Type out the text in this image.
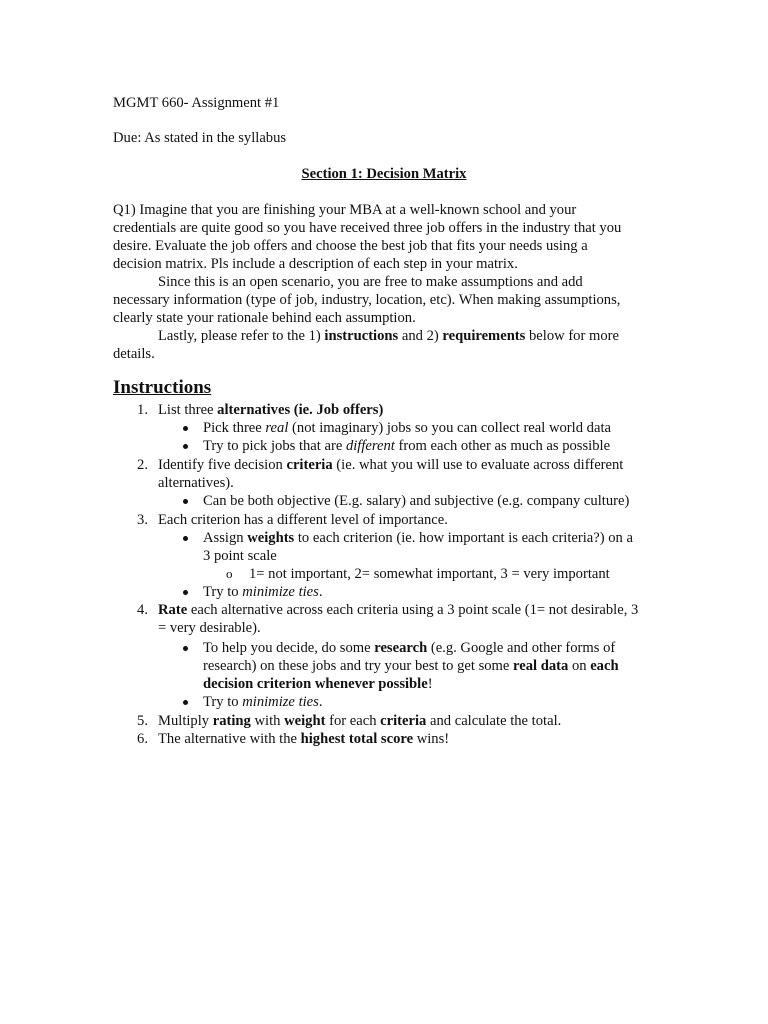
MGMT 660- Assignment #1
Due: As stated in the syllabus
Section 1: Decision Matrix
Q1) Imagine that you are finishing your MBA at a well-known school and your
credentials are quite good so you have received three job offers in the industry that you
desire. Evaluate the job offers and choose the best job that fits your needs using a
decision matrix. Pls include a description of each step in your matrix.
Since this is an open scenario, you are free to make assumptions and add
necessary information (type of job, industry, location, etc). When making assumptions,
clearly state your rationale behind each assumption.
Lastly, please refer to the 1) instructions and 2) requirements below for more
details.
Instructions
1. List three alternatives (ie. Job offers)
Pick three real (not imaginary) jobs so you can collect real world data
Try to pick jobs that are different from each other as much as possible
2. Identify five decision criteria (ie. what you will use to evaluate across different
alternatives).
Can be both objective (E.g. salary) and subjective (e.g. company culture)
3. Each criterion has a different level of importance.
Assign weights to each criterion (ie. how important is each criteria?) on a
3 point scale
o 1= not important, 2= somewhat important, 3 = very important
Try to minimize ties.
4. Rate each alternative across each criteria using a 3 point scale (1= not desirable, 3
= very desirable).
To help you decide, do some research (e.g. Google and other forms of
research) on these jobs and try your best to get some real data on each
decision criterion whenever possible!
Try to minimize ties.
5. Multiply rating with weight for each criteria and calculate the total.
6. The alternative with the highest total score wins!
